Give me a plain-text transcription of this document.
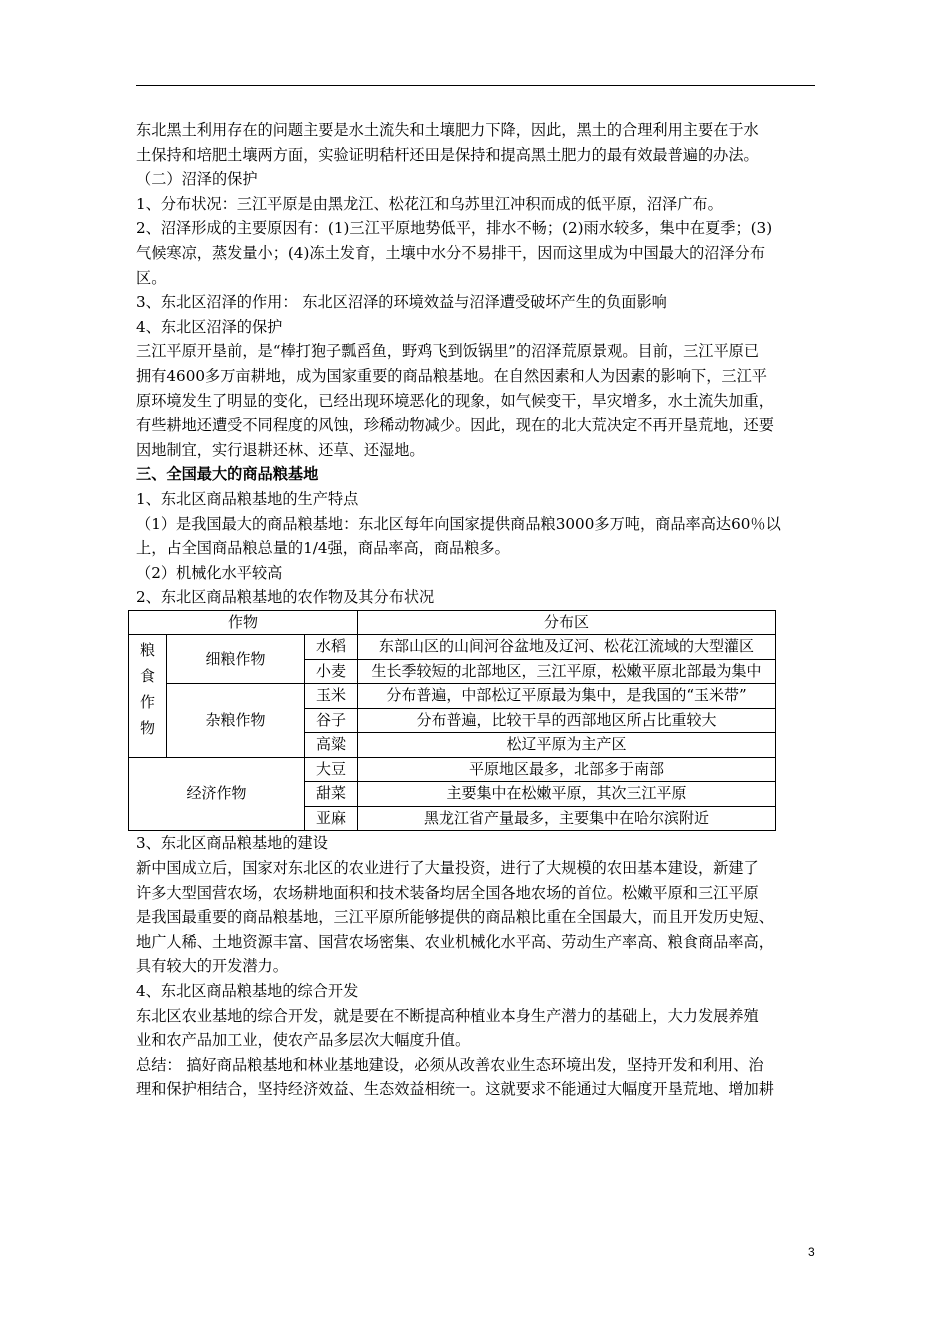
东北黑土利用存在的问题主要是水土流失和土壤肥力下降，因此，黑土的合理利用主要在于水

土保持和培肥土壤两方面，实验证明秸杆还田是保持和提高黑土肥力的最有效最普遍的办法。

（二）沼泽的保护

1、分布状况：三江平原是由黑龙江、松花江和乌苏里江冲积而成的低平原，沼泽广布。

2、沼泽形成的主要原因有：(1)三江平原地势低平，排水不畅；(2)雨水较多，集中在夏季；(3)

气候寒凉，蒸发量小；(4)冻土发育，土壤中水分不易排干，因而这里成为中国最大的沼泽分布

区。

3、东北区沼泽的作用： 东北区沼泽的环境效益与沼泽遭受破坏产生的负面影响

4、东北区沼泽的保护

三江平原开垦前，是“棒打狍子瓢舀鱼，野鸡飞到饭锅里”的沼泽荒原景观。目前，三江平原已

拥有4600多万亩耕地，成为国家重要的商品粮基地。在自然因素和人为因素的影响下，三江平

原环境发生了明显的变化，已经出现环境恶化的现象，如气候变干，旱灾增多，水土流失加重，

有些耕地还遭受不同程度的风蚀，珍稀动物减少。因此，现在的北大荒决定不再开垦荒地，还要

因地制宜，实行退耕还林、还草、还湿地。

三、全国最大的商品粮基地

1、东北区商品粮基地的生产特点

（1）是我国最大的商品粮基地：东北区每年向国家提供商品粮3000多万吨，商品率高达60％以

上，占全国商品粮总量的1/4强，商品率高，商品粮多。

（2）机械化水平较高

2、东北区商品粮基地的农作物及其分布状况

作物			分布区

粮食作物	细粮作物	水稻	东部山区的山间河谷盆地及辽河、松花江流域的大型灌区
		小麦	生长季较短的北部地区，三江平原，松嫩平原北部最为集中
	杂粮作物	玉米	分布普遍，中部松辽平原最为集中，是我国的“玉米带”
		谷子	分布普遍，比较干旱的西部地区所占比重较大
		高粱	松辽平原为主产区
经济作物		大豆	平原地区最多，北部多于南部
		甜菜	主要集中在松嫩平原，其次三江平原
		亚麻	黑龙江省产量最多，主要集中在哈尔滨附近

3、东北区商品粮基地的建设

新中国成立后，国家对东北区的农业进行了大量投资，进行了大规模的农田基本建设，新建了

许多大型国营农场，农场耕地面积和技术装备均居全国各地农场的首位。松嫩平原和三江平原

是我国最重要的商品粮基地，三江平原所能够提供的商品粮比重在全国最大，而且开发历史短、

地广人稀、土地资源丰富、国营农场密集、农业机械化水平高、劳动生产率高、粮食商品率高，

具有较大的开发潜力。

4、东北区商品粮基地的综合开发

东北区农业基地的综合开发，就是要在不断提高种植业本身生产潜力的基础上，大力发展养殖

业和农产品加工业，使农产品多层次大幅度升值。

总结： 搞好商品粮基地和林业基地建设，必须从改善农业生态环境出发，坚持开发和利用、治

理和保护相结合，坚持经济效益、生态效益相统一。这就要求不能通过大幅度开垦荒地、增加耕

3
